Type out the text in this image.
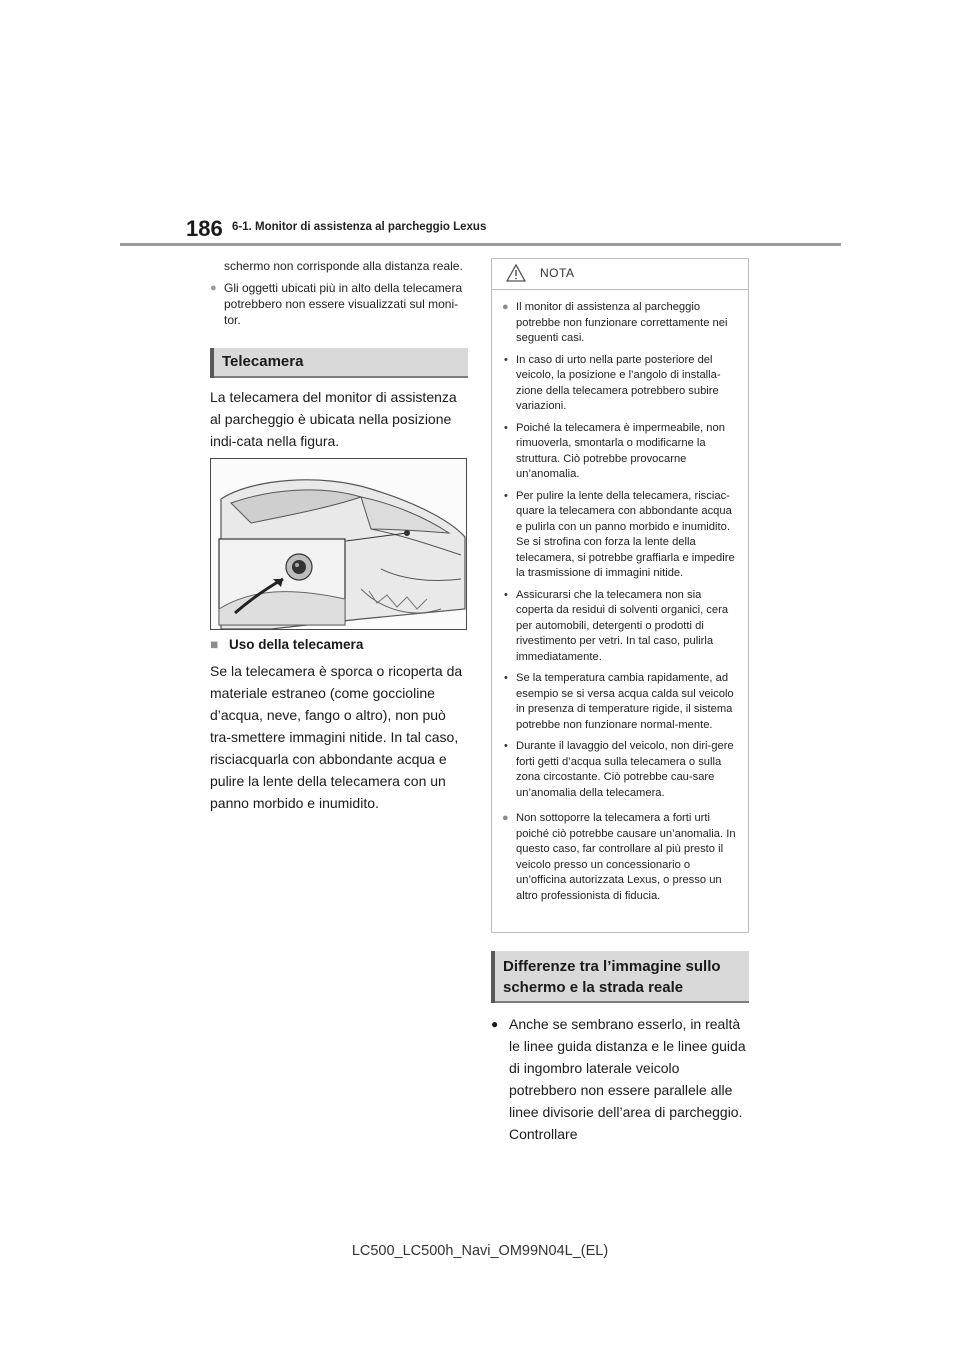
186 6-1. Monitor di assistenza al parcheggio Lexus
schermo non corrisponde alla distanza reale.
● Gli oggetti ubicati più in alto della telecamera potrebbero non essere visualizzati sul moni-tor.
Telecamera
La telecamera del monitor di assistenza al parcheggio è ubicata nella posizione indi-cata nella figura.
■ Uso della telecamera
Se la telecamera è sporca o ricoperta da materiale estraneo (come goccioline d’acqua, neve, fango o altro), non può tra-smettere immagini nitide. In tal caso, risciacquarla con abbondante acqua e pulire la lente della telecamera con un panno morbido e inumidito.
NOTA
● Il monitor di assistenza al parcheggio potrebbe non funzionare correttamente nei seguenti casi.
• In caso di urto nella parte posteriore del veicolo, la posizione e l’angolo di installa-zione della telecamera potrebbero subire variazioni.
• Poiché la telecamera è impermeabile, non rimuoverla, smontarla o modificarne la struttura. Ciò potrebbe provocarne un’anomalia.
• Per pulire la lente della telecamera, risciac-quare la telecamera con abbondante acqua e pulirla con un panno morbido e inumidito. Se si strofina con forza la lente della telecamera, si potrebbe graffiarla e impedire la trasmissione di immagini nitide.
• Assicurarsi che la telecamera non sia coperta da residui di solventi organici, cera per automobili, detergenti o prodotti di rivestimento per vetri. In tal caso, pulirla immediatamente.
• Se la temperatura cambia rapidamente, ad esempio se si versa acqua calda sul veicolo in presenza di temperature rigide, il sistema potrebbe non funzionare normal-mente.
• Durante il lavaggio del veicolo, non diri-gere forti getti d’acqua sulla telecamera o sulla zona circostante. Ciò potrebbe cau-sare un’anomalia della telecamera.
● Non sottoporre la telecamera a forti urti poiché ciò potrebbe causare un’anomalia. In questo caso, far controllare al più presto il veicolo presso un concessionario o un’officina autorizzata Lexus, o presso un altro professionista di fiducia.
Differenze tra l’immagine sullo
schermo e la strada reale
● Anche se sembrano esserlo, in realtà le linee guida distanza e le linee guida di ingombro laterale veicolo potrebbero non essere parallele alle linee divisorie dell’area di parcheggio. Controllare
LC500_LC500h_Navi_OM99N04L_(EL)
